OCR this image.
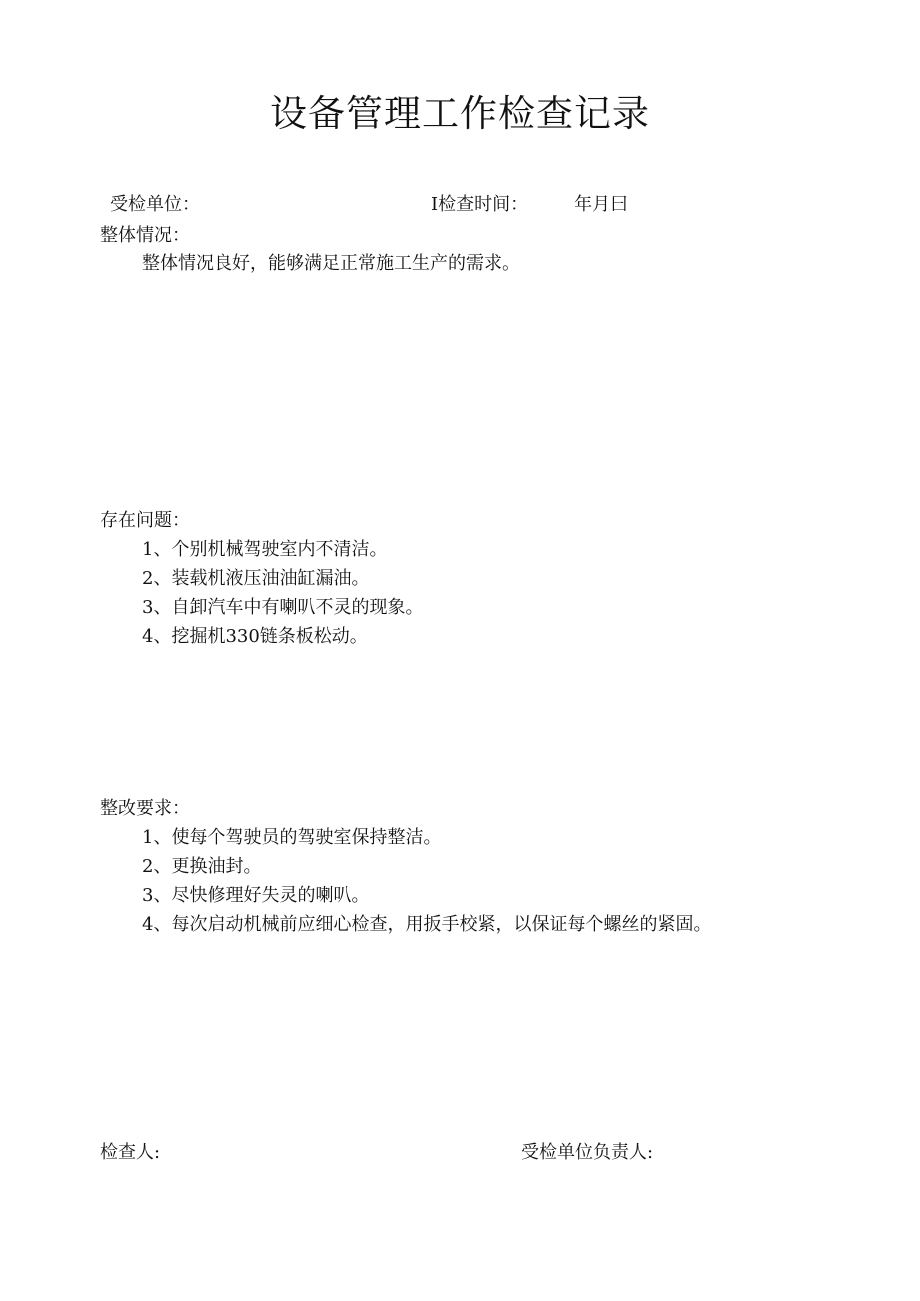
设备管理工作检查记录
受检单位：	I检查时间：	年月曰
整体情况：
整体情况良好，能够满足正常施工生产的需求。
存在问题：
1、个别机械驾驶室内不清洁。
2、装载机液压油油缸漏油。
3、自卸汽车中有喇叭不灵的现象。
4、挖掘机330链条板松动。
整改要求：
1、使每个驾驶员的驾驶室保持整洁。
2、更换油封。
3、尽快修理好失灵的喇叭。
4、每次启动机械前应细心检查，用扳手校紧，以保证每个螺丝的紧固。
检查人:	受检单位负责人:
